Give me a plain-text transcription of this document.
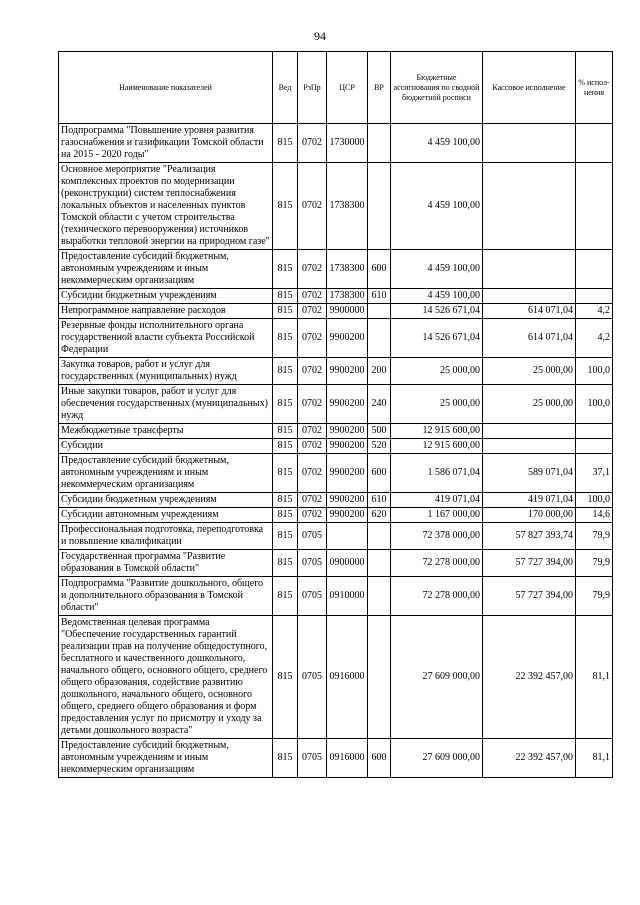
94
Наименование показателей	Вед	РзПр	ЦСР	ВР	Бюджетные ассигнования по сводной бюджетной росписи	Кассовое исполнение	% испол- нения
Подпрограмма "Повышение уровня развития газоснабжения и газификации Томской области на 2015 - 2020 годы"	815	0702	1730000		4 459 100,00		
Основное мероприятие "Реализация комплексных проектов по модернизации (реконструкции) систем теплоснабжения локальных объектов и населенных пунктов Томской области с учетом строительства (технического перевооружения) источников выработки тепловой энергии на природном газе"	815	0702	1738300		4 459 100,00		
Предоставление субсидий бюджетным, автономным учреждениям и иным некоммерческим организациям	815	0702	1738300	600	4 459 100,00		
Субсидии бюджетным учреждениям	815	0702	1738300	610	4 459 100,00		
Непрограммное направление расходов	815	0702	9900000		14 526 671,04	614 071,04	4,2
Резервные фонды исполнительного органа государственной власти субъекта Российской Федерации	815	0702	9900200		14 526 671,04	614 071,04	4,2
Закупка товаров, работ и услуг для государственных (муниципальных) нужд	815	0702	9900200	200	25 000,00	25 000,00	100,0
Иные закупки товаров, работ и услуг для обеспечения государственных (муниципальных) нужд	815	0702	9900200	240	25 000,00	25 000,00	100,0
Межбюджетные трансферты	815	0702	9900200	500	12 915 600,00		
Субсидии	815	0702	9900200	520	12 915 600,00		
Предоставление субсидий бюджетным, автономным учреждениям и иным некоммерческим организациям	815	0702	9900200	600	1 586 071,04	589 071,04	37,1
Субсидии бюджетным учреждениям	815	0702	9900200	610	419 071,04	419 071,04	100,0
Субсидии автономным учреждениям	815	0702	9900200	620	1 167 000,00	170 000,00	14,6
Профессиональная подготовка, переподготовка и повышение квалификации	815	0705			72 378 000,00	57 827 393,74	79,9
Государственная программа "Развитие образования в Томской области"	815	0705	0900000		72 278 000,00	57 727 394,00	79,9
Подпрограмма "Развитие дошкольного, общего и дополнительного образования в Томской области"	815	0705	0910000		72 278 000,00	57 727 394,00	79,9
Ведомственная целевая программа "Обеспечение государственных гарантий реализации прав на получение общедоступного, бесплатного и качественного дошкольного, начального общего, основного общего, среднего общего образования, содействие развитию дошкольного, начального общего, основного общего, среднего общего образования и форм предоставления услуг по присмотру и уходу за детьми дошкольного возраста"	815	0705	0916000		27 609 000,00	22 392 457,00	81,1
Предоставление субсидий бюджетным, автономным учреждениям и иным некоммерческим организациям	815	0705	0916000	600	27 609 000,00	22 392 457,00	81,1
